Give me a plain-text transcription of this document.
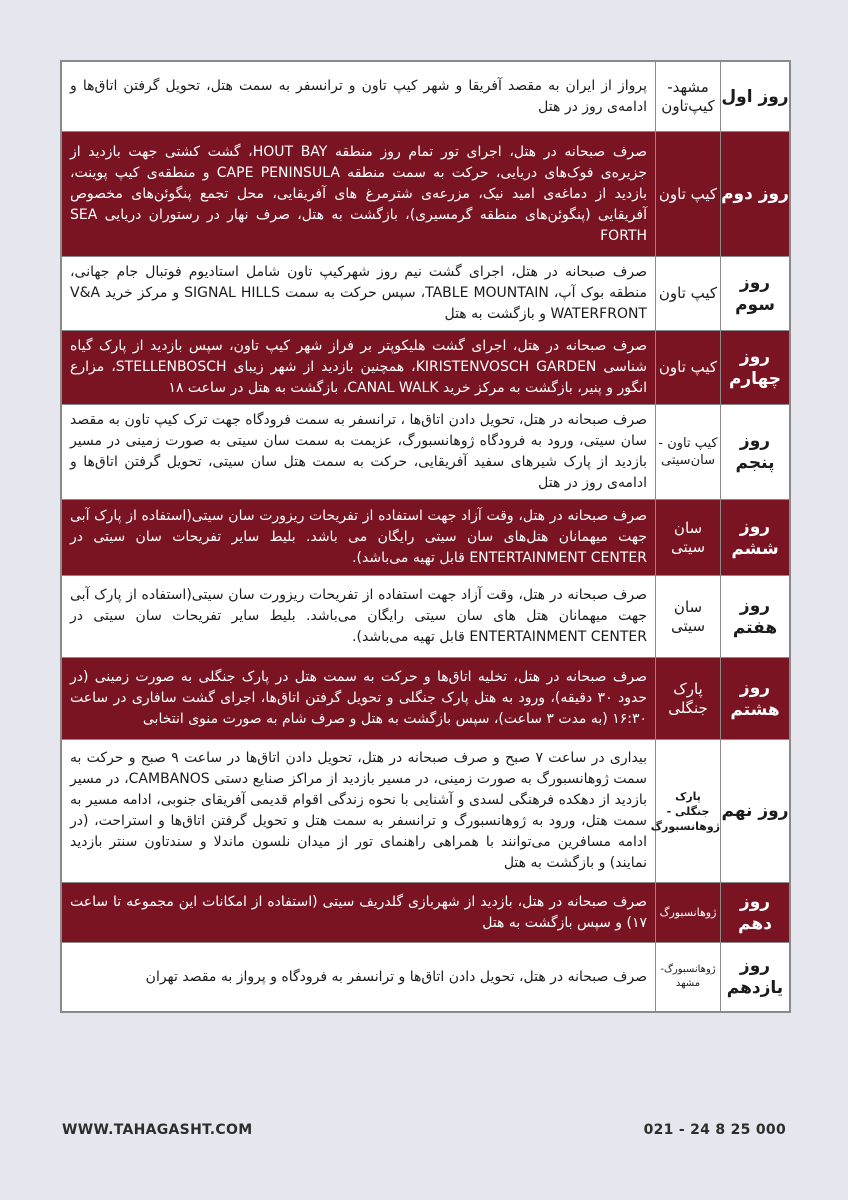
روز اول	مشهد- کیپ‌تاون	پرواز از ایران به مقصد آفریقا و شهر کیپ تاون و ترانسفر به سمت هتل، تحویل گرفتن اتاق‌ها و ادامه‌ی روز در هتل
روز دوم	کیپ تاون	صرف صبحانه در هتل، اجرای تور تمام روز منطقه HOUT BAY، گشت کشتی جهت بازدید از جزیره‌ی فوک‌های دریایی، حرکت به سمت منطقه CAPE PENINSULA و منطقه‌ی کیپ پوینت، بازدید از دماغه‌ی امید نیک، مزرعه‌ی شترمرغ های آفریقایی، محل تجمع پنگوئن‌های مخصوص آفریقایی (پنگوئن‌های منطقه گرمسیری)، بازگشت به هتل، صرف نهار در رستوران دریایی SEA FORTH
روز سوم	کیپ تاون	صرف صبحانه در هتل، اجرای گشت نیم روز شهرکیپ تاون شامل استادیوم فوتبال جام جهانی، منطقه بوک آپ، TABLE MOUNTAIN، سپس حرکت به سمت SIGNAL HILLS و مرکز خرید V&A WATERFRONT و بازگشت به هتل
روز چهارم	کیپ تاون	صرف صبحانه در هتل، اجرای گشت هلیکوپتر بر فراز شهر کیپ تاون، سپس بازدید از پارک گیاه شناسی KIRISTENVOSCH GARDEN، همچنین بازدید از شهر زیبای STELLENBOSCH، مزارع انگور و پنیر، بازگشت به مرکز خرید CANAL WALK، بازگشت به هتل در ساعت ۱۸
روز پنجم	کیپ تاون - سان‌سیتی	صرف صبحانه در هتل، تحویل دادن اتاق‌ها ، ترانسفر به سمت فرودگاه جهت ترک کیپ تاون به مقصد سان سیتی، ورود به فرودگاه ژوهانسبورگ، عزیمت به سمت سان سیتی به صورت زمینی در مسیر بازدید از پارک شیرهای سفید آفریقایی، حرکت به سمت هتل سان سیتی، تحویل گرفتن اتاق‌ها و ادامه‌ی روز در هتل
روز ششم	سان سیتی	صرف صبحانه در هتل، وقت آزاد جهت استفاده از تفریحات ریزورت سان سیتی(استفاده از پارک آبی جهت میهمانان هتل‌های سان سیتی رایگان می باشد. بلیط سایر تفریحات سان سیتی در ENTERTAINMENT CENTER قابل تهیه می‌باشد).
روز هفتم	سان سیتی	صرف صبحانه در هتل، وقت آزاد جهت استفاده از تفریحات ریزورت سان سیتی(استفاده از پارک آبی جهت میهمانان هتل های سان سیتی رایگان می‌باشد. بلیط سایر تفریحات سان سیتی در ENTERTAINMENT CENTER قابل تهیه می‌باشد).
روز هشتم	پارک جنگلی	صرف صبحانه در هتل، تخلیه اتاق‌ها و حرکت به سمت هتل در پارک جنگلی به صورت زمینی (در حدود ۳۰ دقیقه)، ورود به هتل پارک جنگلی و تحویل گرفتن اتاق‌ها، اجرای گشت سافاری در ساعت ۱۶:۳۰ (به مدت ۳ ساعت)، سپس بازگشت به هتل و صرف شام به صورت منوی انتخابی
روز نهم	پارک جنگلی - ژوهانسبورگ	بیداری در ساعت ۷ صبح و صرف صبحانه در هتل، تحویل دادن اتاق‌ها در ساعت ۹ صبح و حرکت به سمت ژوهانسبورگ به صورت زمینی، در مسیر بازدید از مراکز صنایع دستی CAMBANOS، در مسیر بازدید از دهکده فرهنگی لسدی و آشنایی با نحوه زندگی اقوام قدیمی آفریقای جنوبی، ادامه مسیر به سمت هتل، ورود به ژوهانسبورگ و ترانسفر به سمت هتل و تحویل گرفتن اتاق‌ها و استراحت، (در ادامه مسافرین می‌توانند با همراهی راهنمای تور از میدان نلسون ماندلا و سندتاون سنتر بازدید نمایند) و بازگشت به هتل
روز دهم	ژوهانسبورگ	صرف صبحانه در هتل، بازدید از شهربازی گلدریف سیتی (استفاده از امکانات این مجموعه تا ساعت ۱۷) و سپس بازگشت به هتل
روز یازدهم	ژوهانسبورگ- مشهد	صرف صبحانه در هتل، تحویل دادن اتاق‌ها و ترانسفر به فرودگاه و پرواز به مقصد تهران
WWW.TAHAGASHT.COM	021 - 24 8 25 000
